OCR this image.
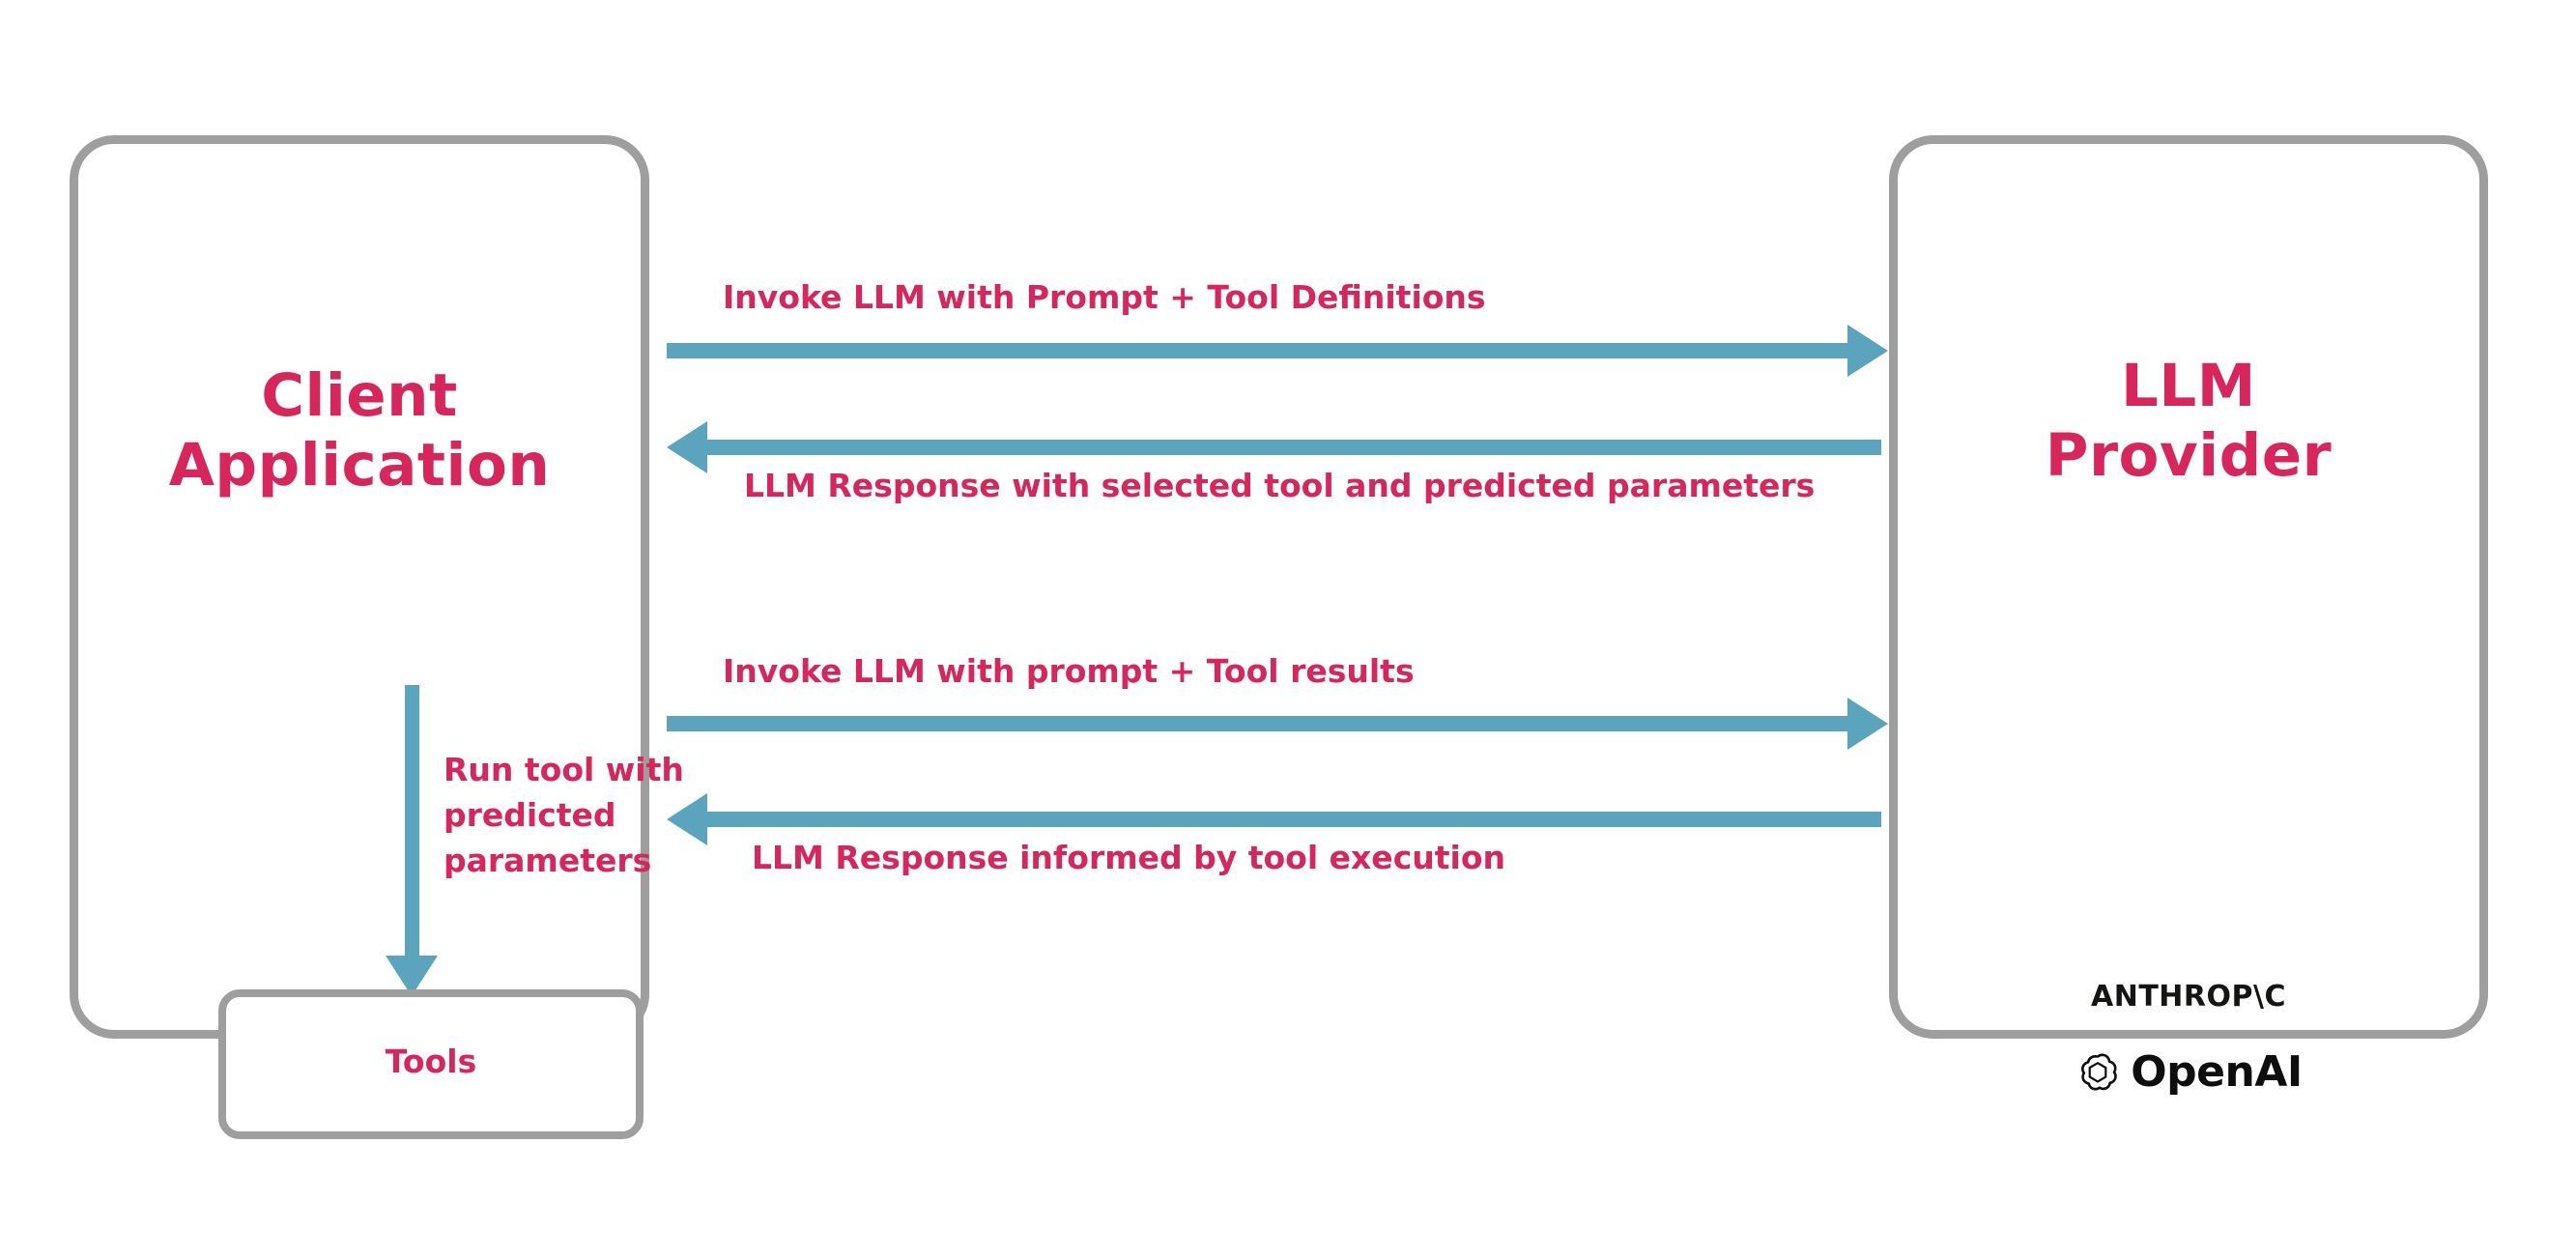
Client
Application
Run tool with predicted parameters
Tools
LLM
Provider
ANTHROP\C
OpenAI
Invoke LLM with Prompt + Tool Definitions
LLM Response with selected tool and predicted parameters
Invoke LLM with prompt + Tool results
LLM Response informed by tool execution
